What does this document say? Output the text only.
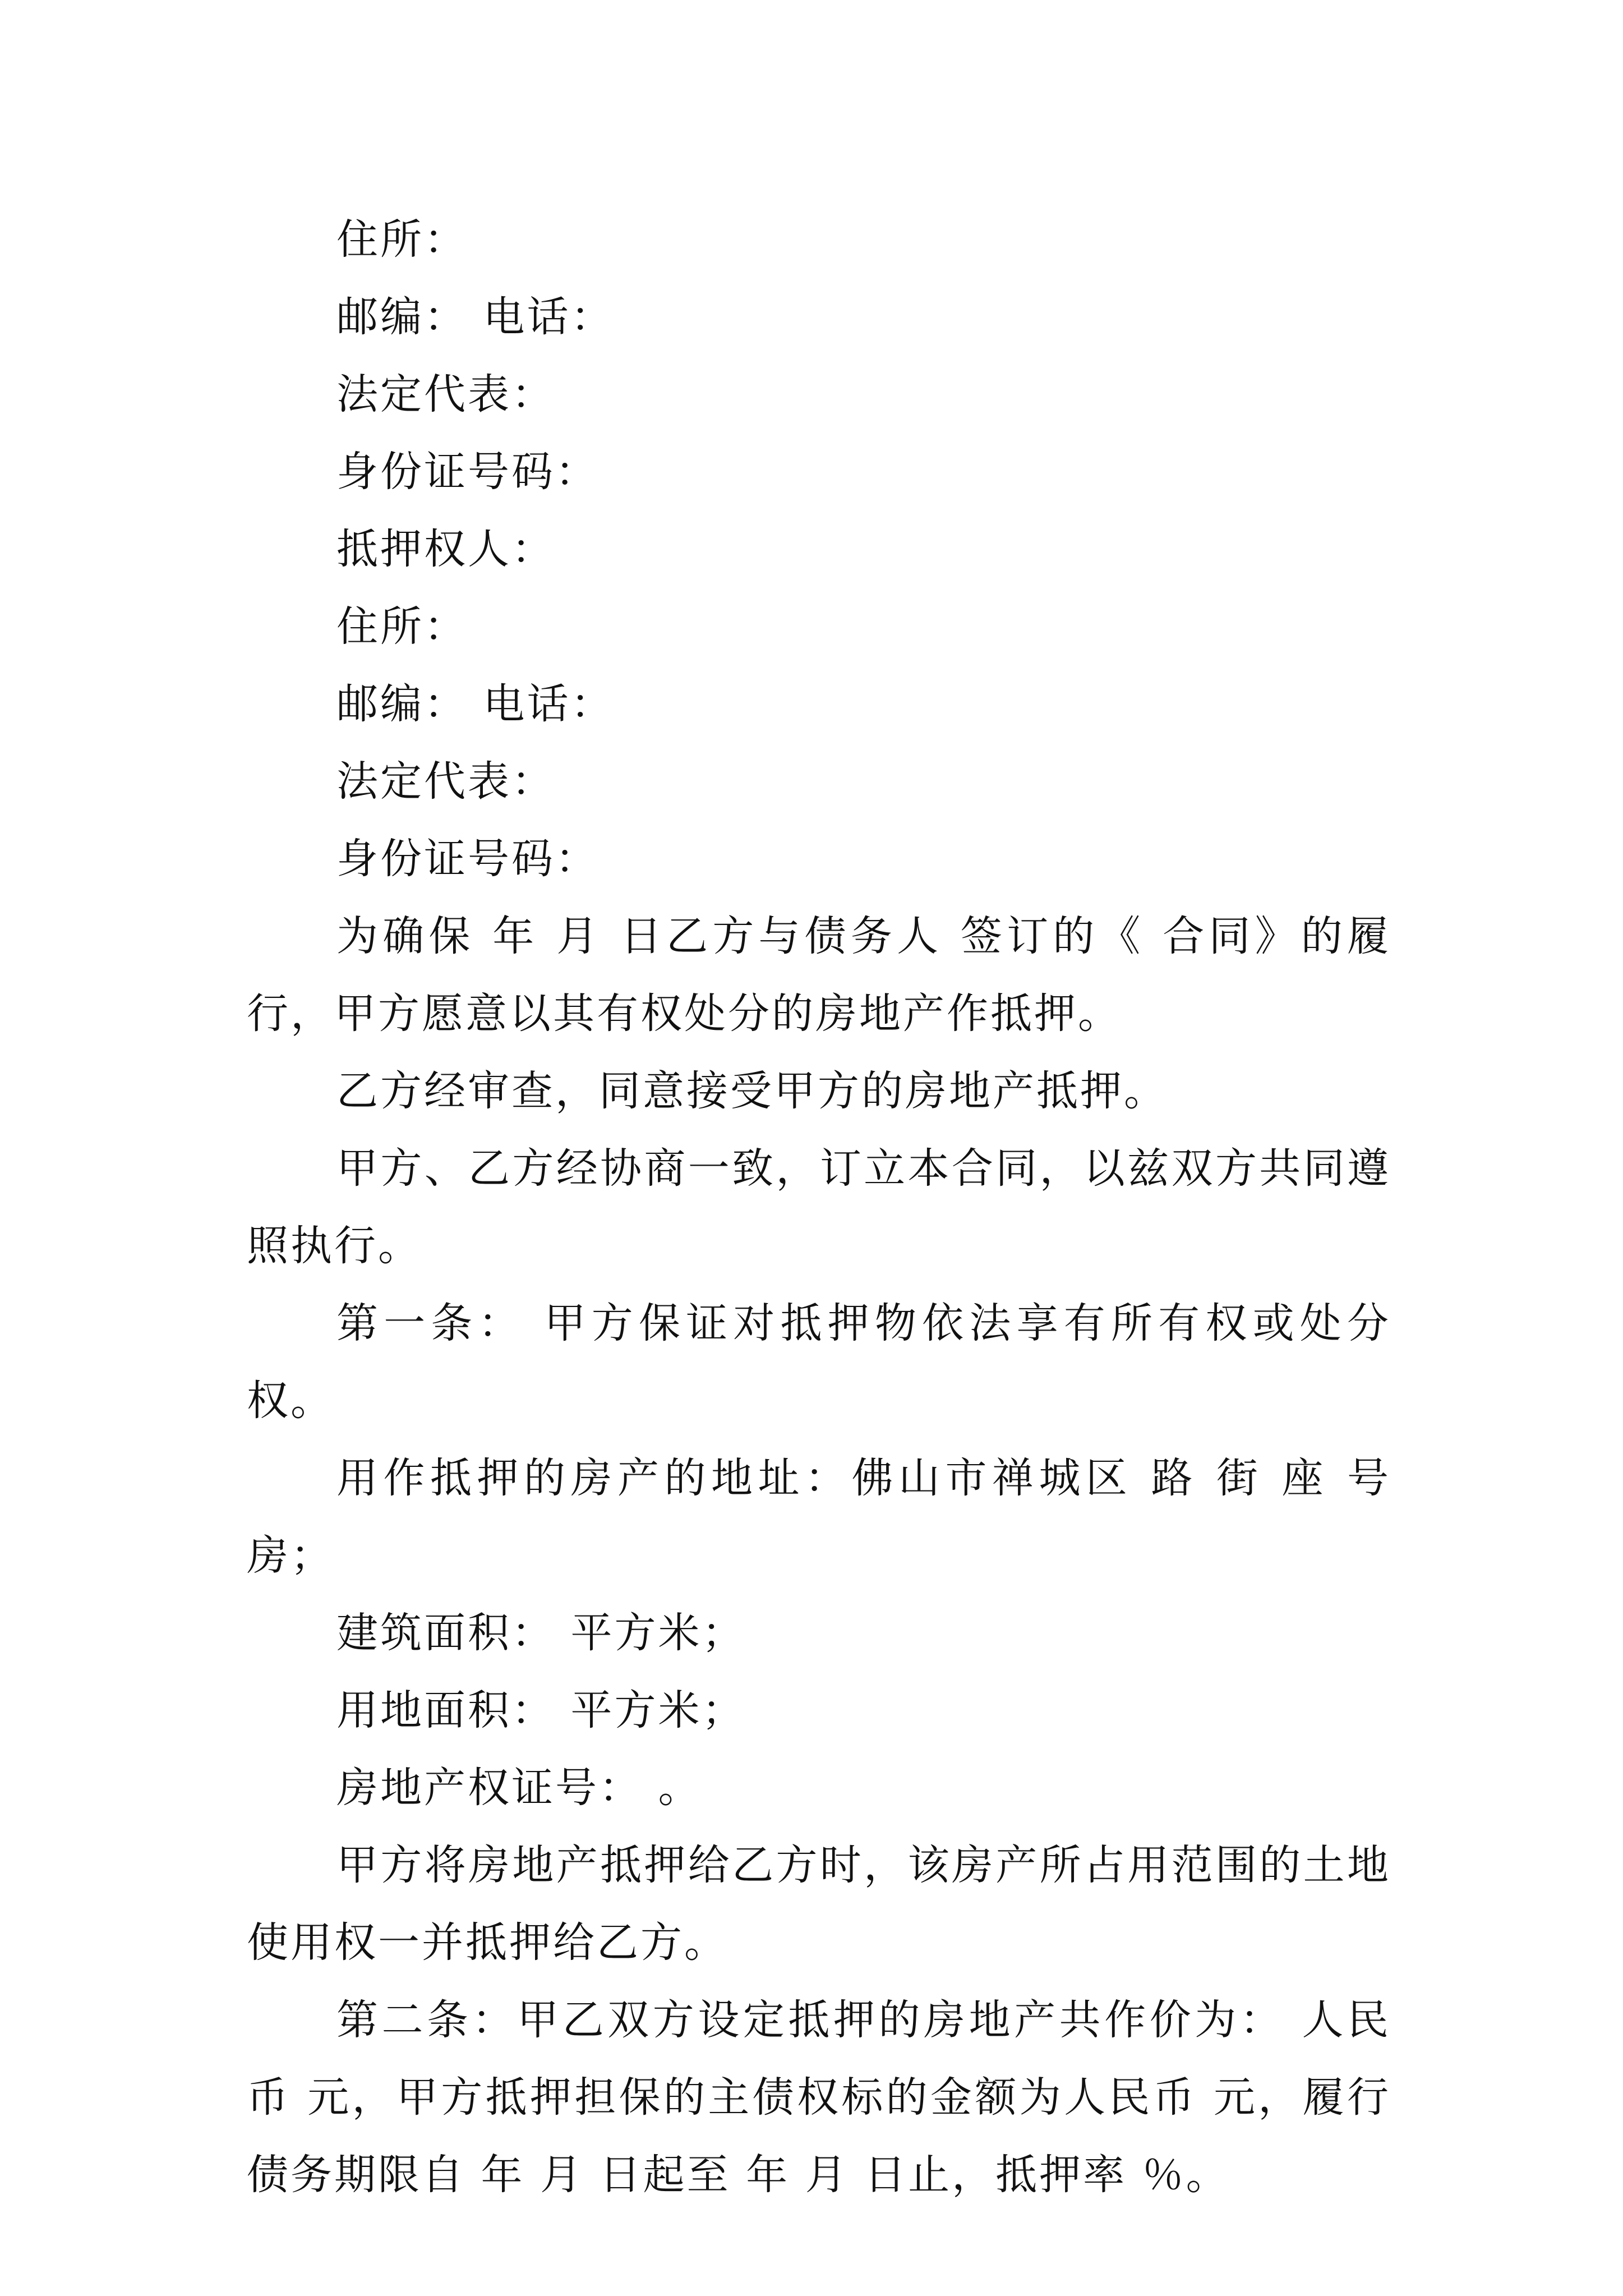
住所：

邮编： 电话：

法定代表：

身份证号码：

抵押权人：

住所：

邮编： 电话：

法定代表：

身份证号码：

为确保 年 月 日乙方与债务人 签订的《 合同》的履行，甲方愿意以其有权处分的房地产作抵押。

乙方经审查，同意接受甲方的房地产抵押。

甲方、乙方经协商一致，订立本合同，以兹双方共同遵照执行。

第一条： 甲方保证对抵押物依法享有所有权或处分权。

用作抵押的房产的地址：佛山市禅城区 路 街 座 号房；

建筑面积： 平方米；

用地面积： 平方米；

房地产权证号： 。

甲方将房地产抵押给乙方时，该房产所占用范围的土地使用权一并抵押给乙方。

第二条：甲乙双方设定抵押的房地产共作价为： 人民币 元，甲方抵押担保的主债权标的金额为人民币 元，履行债务期限自 年 月 日起至 年 月 日止，抵押率 ％。
